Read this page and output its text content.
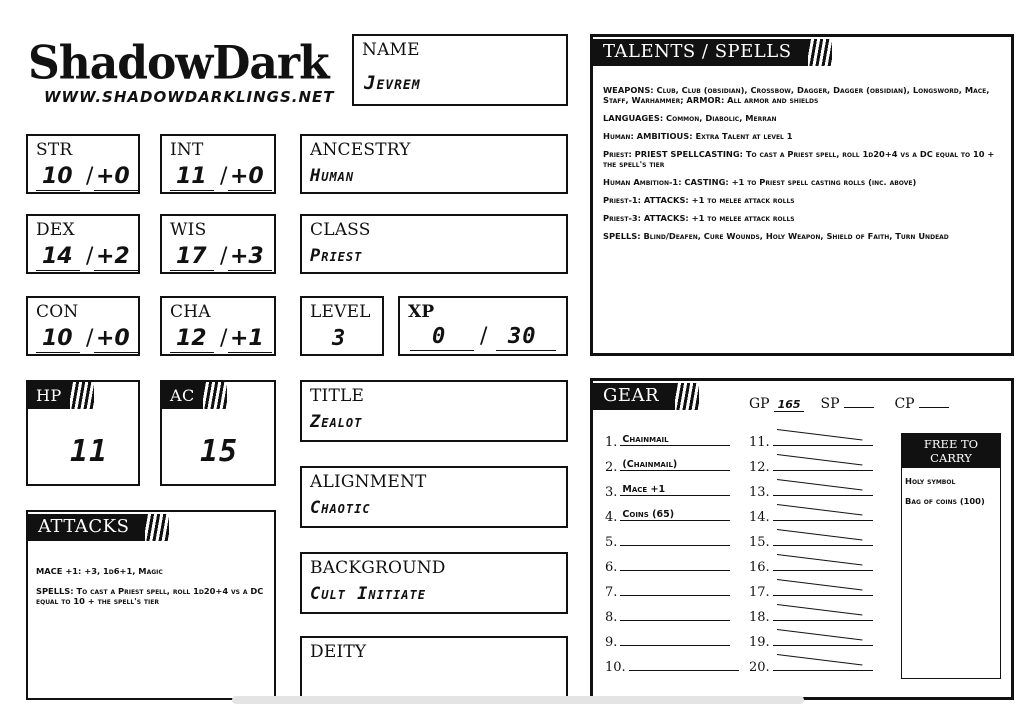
ShadowDark
WWW.SHADOWDARKLINGS.NET
NAME
Jevrem
STR
10 / +0
INT
11 / +0
DEX
14 / +2
WIS
17 / +3
CON
10 / +0
CHA
12 / +1
ANCESTRY
Human
CLASS
Priest
LEVEL
3
XP
0 / 30
HP
11
AC
15
TITLE
Zealot
ALIGNMENT
Chaotic
BACKGROUND
Cult Initiate
DEITY
ATTACKS
MACE +1: +3, 1d6+1, Magic
SPELLS: To cast a Priest spell, roll 1d20+4 vs a DC equal to 10 + the spell's tier
TALENTS / SPELLS
WEAPONS: Club, Club (obsidian), Crossbow, Dagger, Dagger (obsidian), Longsword, Mace, Staff, Warhammer; ARMOR: All armor and shields
LANGUAGES: Common, Diabolic, Merran
Human: AMBITIOUS: Extra Talent at level 1
Priest: PRIEST SPELLCASTING: To cast a Priest spell, roll 1d20+4 vs a DC equal to 10 + the spell's tier
Human Ambition-1: CASTING: +1 to Priest spell casting rolls (inc. above)
Priest-1: ATTACKS: +1 to melee attack rolls
Priest-3: ATTACKS: +1 to melee attack rolls
SPELLS: Blind/Deafen, Cure Wounds, Holy Weapon, Shield of Faith, Turn Undead
GEAR	GP 165 SP	CP
1. Chainmail
2. (Chainmail)
3. Mace +1
4. Coins (65)
5.
6.
7.
8.
9.
10.
11.
12.
13.
14.
15.
16.
17.
18.
19.
20.
FREE TO CARRY
Holy symbol
Bag of coins (100)
